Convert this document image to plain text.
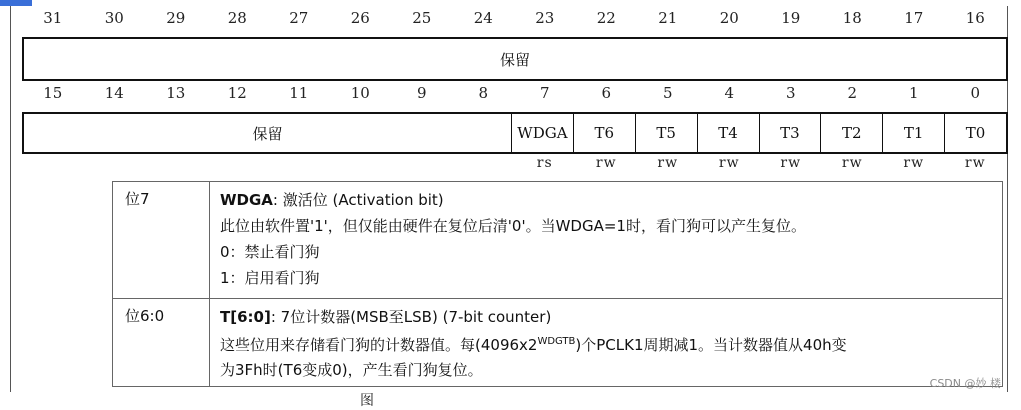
31	30	29	28	27	26	25	24	23	22	21	20	19	18	17	16
保留
15	14	13	12	11	10	9	8	7	6	5	4	3	2	1	0
保留	WDGA	T6	T5	T4	T3	T2	T1	T0
rs	rw	rw	rw	rw	rw	rw	rw
位7	WDGA: 激活位 (Activation bit)
此位由软件置'1'，但仅能由硬件在复位后清'0'。当WDGA=1时，看门狗可以产生复位。
0：禁止看门狗
1：启用看门狗
位6:0	T[6:0]: 7位计数器(MSB至LSB) (7-bit counter)
这些位用来存储看门狗的计数器值。每$(4096x2^{WDGTB})$个PCLK1周期减1。当计数器值从40h变
为3Fh时(T6变成0)，产生看门狗复位。
图
CSDN @妙 楼
